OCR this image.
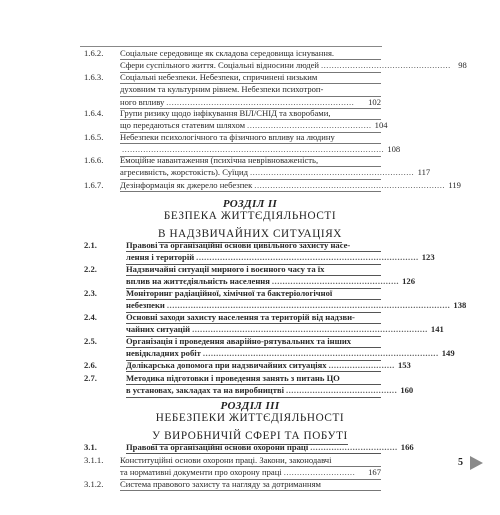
1.6.2. Соціальне середовище як складова середовища існування.
Сфери суспільного життя. Соціальні відносини людей ................................................. 98
1.6.3. Соціальні небезпеки. Небезпеки, спричинені низьким
духовним та культурним рівнем. Небезпеки психотроп-
ного впливу .......................................................................	102
1.6.4. Групи ризику щодо інфікування ВІЛ/СНІД та хворобами,
що передаються статевим шляхом ............................................... 104
1.6.5. Небезпеки психологічного та фізичного впливу на людину
................................................................................................... 108
1.6.6. Емоційне навантаження (психічна неврівноваженість,
агресивність, жорстокість). Суїцид .............................................................. 117
1.6.7. Дезінформація як джерело небезпек ........................................................................ 119
РОЗДІЛ ІІ
БЕЗПЕКА ЖИТТЄДІЯЛЬНОСТІ
В НАДЗВИЧАЙНИХ СИТУАЦІЯХ
2.1.	Правові та організаційні основи цивільного захисту насе-
лення і територій .................................................................................... 123
2.2.	Надзвичайні ситуації мирного і воєнного часу та їх
вплив на життєдіяльність населення ................................................ 126
2.3.	Моніторинг радіаційної, хімічної та бактеріологічної
небезпеки ........................................................................................................... 138
2.4.	Основні заходи захисту населення та територій від надзви-
чайних ситуацій ......................................................................................... 141
2.5.	Організація і проведення аварійно-рятувальних та інших
невідкладних робіт ......................................................................................... 149
2.6.	Долікарська допомога при надзвичайних ситуаціях ......................... 153
2.7.	Методика підготовки і проведення занять з питань ЦО
в установах, закладах та на виробництві .......................................... 160
РОЗДІЛ ІІІ
НЕБЕЗПЕКИ ЖИТТЄДІЯЛЬНОСТІ
У ВИРОБНИЧІЙ СФЕРІ ТА ПОБУТІ
3.1.	Правові та організаційні основи охорони праці ................................. 166
3.1.1. Конституційні основи охорони праці. Закони, законодавчі
та нормативні документи про охорону праці ...........................	167
3.1.2. Система правового захисту та нагляду за дотриманням
5
